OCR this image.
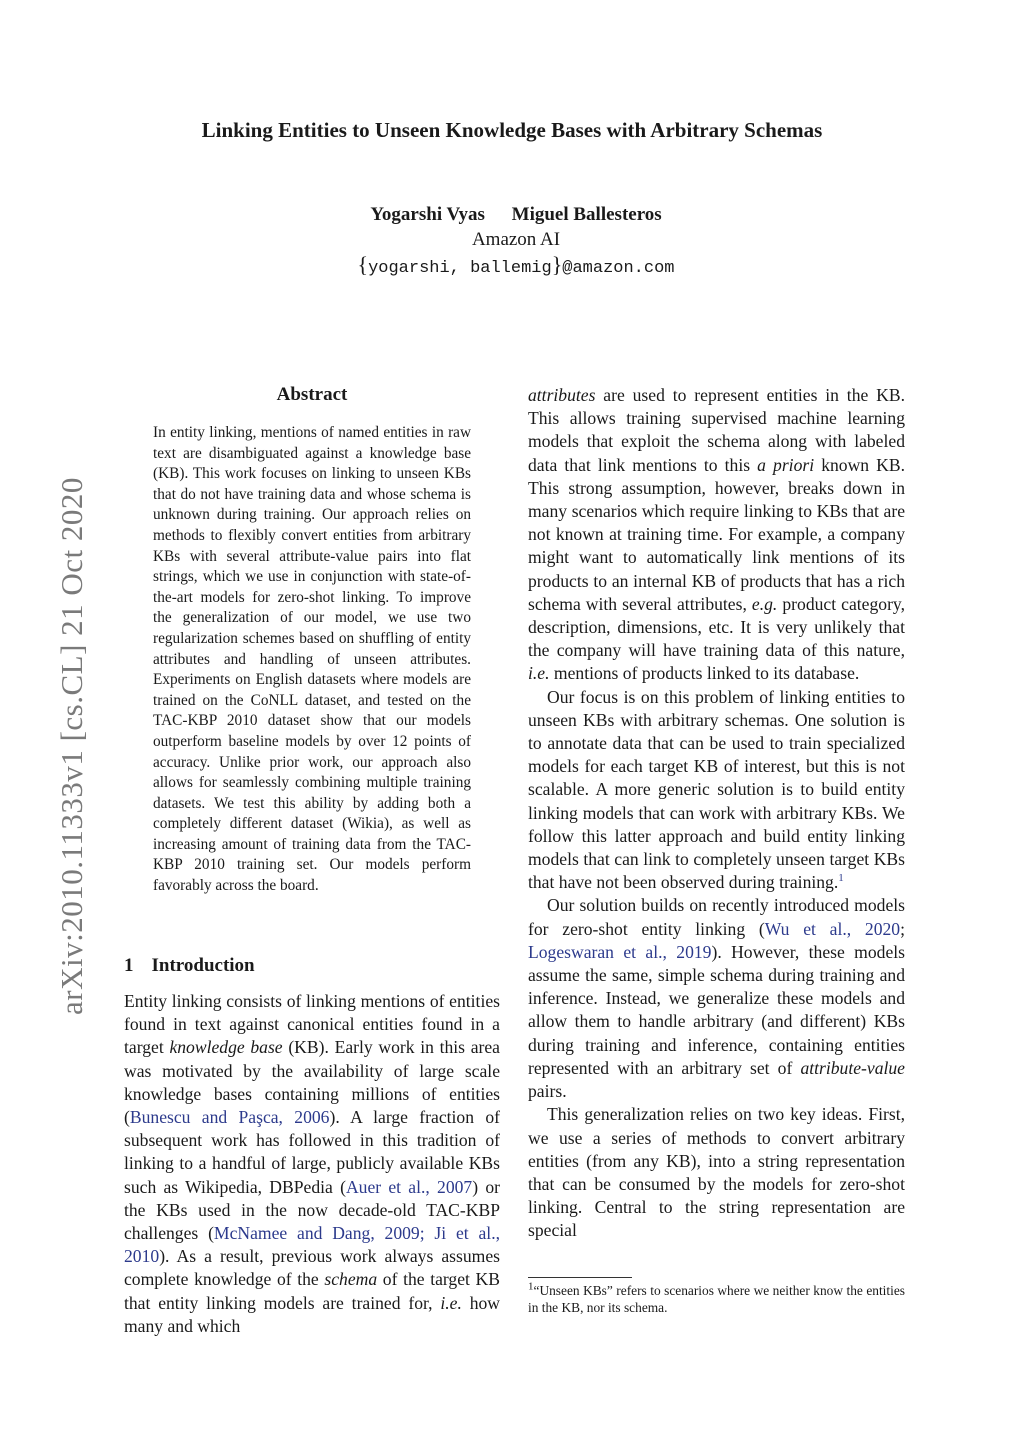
Linking Entities to Unseen Knowledge Bases with Arbitrary Schemas
Yogarshi Vyas Miguel Ballesteros
Amazon AI
{yogarshi, ballemig}@amazon.com
arXiv:2010.11333v1 [cs.CL] 21 Oct 2020
Abstract

In entity linking, mentions of named entities in raw text are disambiguated against a knowledge base (KB). This work focuses on linking to unseen KBs that do not have training data and whose schema is unknown during training. Our approach relies on methods to flexibly convert entities from arbitrary KBs with several attribute-value pairs into flat strings, which we use in conjunction with state-of-the-art models for zero-shot linking. To improve the generalization of our model, we use two regularization schemes based on shuffling of entity attributes and handling of unseen attributes. Experiments on English datasets where models are trained on the CoNLL dataset, and tested on the TAC-KBP 2010 dataset show that our models outperform baseline models by over 12 points of accuracy. Unlike prior work, our approach also allows for seamlessly combining multiple training datasets. We test this ability by adding both a completely different dataset (Wikia), as well as increasing amount of training data from the TAC-KBP 2010 training set. Our models perform favorably across the board.

1 Introduction

Entity linking consists of linking mentions of entities found in text against canonical entities found in a target knowledge base (KB). Early work in this area was motivated by the availability of large scale knowledge bases containing millions of entities (Bunescu and Paşca, 2006). A large fraction of subsequent work has followed in this tradition of linking to a handful of large, publicly available KBs such as Wikipedia, DBPedia (Auer et al., 2007) or the KBs used in the now decade-old TAC-KBP challenges (McNamee and Dang, 2009; Ji et al., 2010). As a result, previous work always assumes complete knowledge of the schema of the target KB that entity linking models are trained for, i.e. how many and which

attributes are used to represent entities in the KB. This allows training supervised machine learning models that exploit the schema along with labeled data that link mentions to this a priori known KB. This strong assumption, however, breaks down in many scenarios which require linking to KBs that are not known at training time. For example, a company might want to automatically link mentions of its products to an internal KB of products that has a rich schema with several attributes, e.g. product category, description, dimensions, etc. It is very unlikely that the company will have training data of this nature, i.e. mentions of products linked to its database.

Our focus is on this problem of linking entities to unseen KBs with arbitrary schemas. One solution is to annotate data that can be used to train specialized models for each target KB of interest, but this is not scalable. A more generic solution is to build entity linking models that can work with arbitrary KBs. We follow this latter approach and build entity linking models that can link to completely unseen target KBs that have not been observed during training.$^1$

Our solution builds on recently introduced models for zero-shot entity linking (Wu et al., 2020; Logeswaran et al., 2019). However, these models assume the same, simple schema during training and inference. Instead, we generalize these models and allow them to handle arbitrary (and different) KBs during training and inference, containing entities represented with an arbitrary set of attribute-value pairs.

This generalization relies on two key ideas. First, we use a series of methods to convert arbitrary entities (from any KB), into a string representation that can be consumed by the models for zero-shot linking. Central to the string representation are special

$^1$“Unseen KBs” refers to scenarios where we neither know the entities in the KB, nor its schema.
